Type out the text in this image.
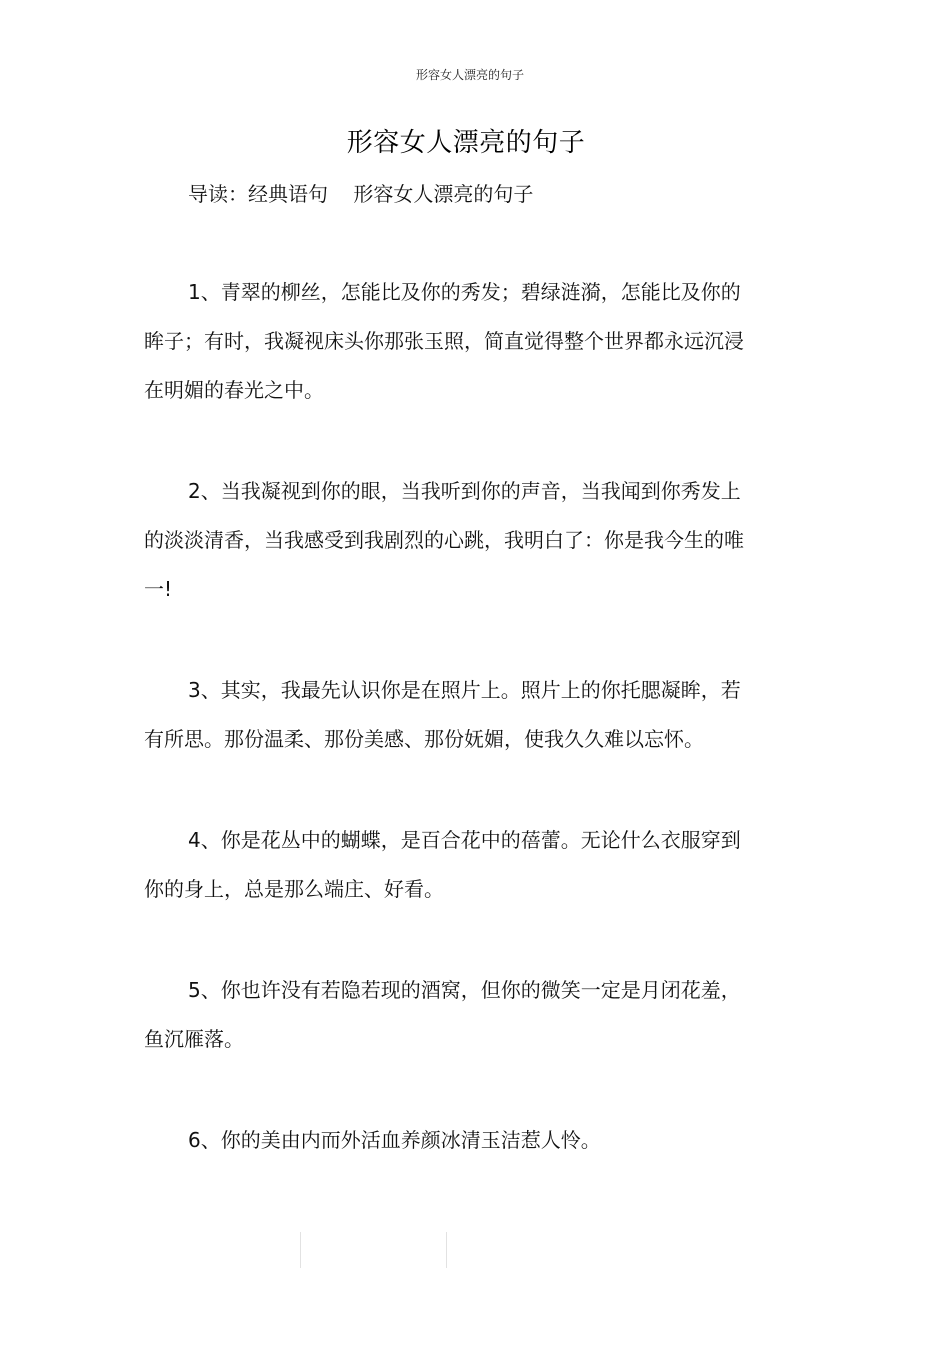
形容女人漂亮的句子
形容女人漂亮的句子
导读：经典语句    形容女人漂亮的句子
1、青翠的柳丝，怎能比及你的秀发；碧绿涟漪，怎能比及你的
眸子；有时，我凝视床头你那张玉照，简直觉得整个世界都永远沉浸
在明媚的春光之中。
2、当我凝视到你的眼，当我听到你的声音，当我闻到你秀发上
的淡淡清香，当我感受到我剧烈的心跳，我明白了：你是我今生的唯
一!
3、其实，我最先认识你是在照片上。照片上的你托腮凝眸，若
有所思。那份温柔、那份美感、那份妩媚，使我久久难以忘怀。
4、你是花丛中的蝴蝶，是百合花中的蓓蕾。无论什么衣服穿到
你的身上，总是那么端庄、好看。
5、你也许没有若隐若现的酒窝，但你的微笑一定是月闭花羞，
鱼沉雁落。
6、你的美由内而外活血养颜冰清玉洁惹人怜。
